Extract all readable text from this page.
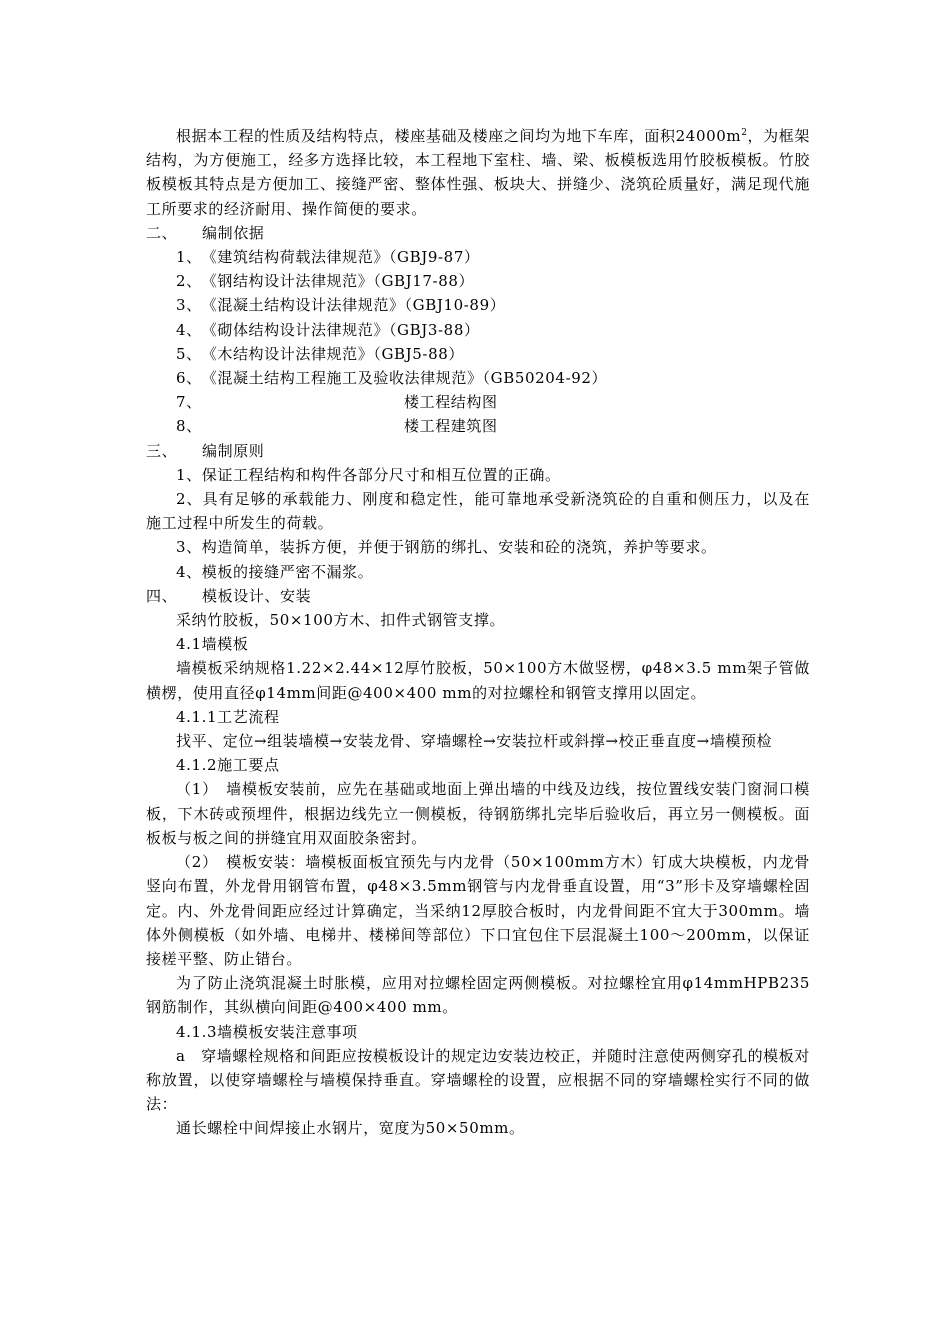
根据本工程的性质及结构特点，楼座基础及楼座之间均为地下车库，面积$24000m^2$，为框架结构，为方便施工，经多方选择比较，本工程地下室柱、墙、梁、板模板选用竹胶板模板。竹胶板模板其特点是方便加工、接缝严密、整体性强、板块大、拼缝少、浇筑砼质量好，满足现代施工所要求的经济耐用、操作简便的要求。

二、 编制依据

1、《建筑结构荷载法律规范》（GBJ9-87）

2、《钢结构设计法律规范》（GBJ17-88）

3、《混凝土结构设计法律规范》（GBJ10-89）

4、《砌体结构设计法律规范》（GBJ3-88）

5、《木结构设计法律规范》（GBJ5-88）

6、《混凝土结构工程施工及验收法律规范》（GB50204-92）

7、	楼工程结构图

8、	楼工程建筑图

三、 编制原则

1、保证工程结构和构件各部分尺寸和相互位置的正确。

2、具有足够的承载能力、刚度和稳定性，能可靠地承受新浇筑砼的自重和侧压力，以及在施工过程中所发生的荷载。

3、构造简单，装拆方便，并便于钢筋的绑扎、安装和砼的浇筑，养护等要求。

4、模板的接缝严密不漏浆。

四、 模板设计、安装

采纳竹胶板，50×100方木、扣件式钢管支撑。

4.1墙模板

墙模板采纳规格1.22×2.44×12厚竹胶板，50×100方木做竖楞，φ48×3.5 mm架子管做横楞，使用直径φ14mm间距@400×400 mm的对拉螺栓和钢管支撑用以固定。

4.1.1工艺流程

找平、定位→组装墙模→安装龙骨、穿墙螺栓→安装拉杆或斜撑→校正垂直度→墙模预检

4.1.2施工要点

（1）　墙模板安装前，应先在基础或地面上弹出墙的中线及边线，按位置线安装门窗洞口模板，下木砖或预埋件，根据边线先立一侧模板，待钢筋绑扎完毕后验收后，再立另一侧模板。面板板与板之间的拼缝宜用双面胶条密封。

（2）　模板安装：墙模板面板宜预先与内龙骨（50×100mm方木）钉成大块模板，内龙骨竖向布置，外龙骨用钢管布置，φ48×3.5mm钢管与内龙骨垂直设置，用“3”形卡及穿墙螺栓固定。内、外龙骨间距应经过计算确定，当采纳12厚胶合板时，内龙骨间距不宜大于300mm。墙体外侧模板（如外墙、电梯井、楼梯间等部位）下口宜包住下层混凝土100～200mm，以保证接槎平整、防止错台。

为了防止浇筑混凝土时胀模，应用对拉螺栓固定两侧模板。对拉螺栓宜用φ14mmHPB235钢筋制作，其纵横向间距@400×400 mm。

4.1.3墙模板安装注意事项

a　穿墙螺栓规格和间距应按模板设计的规定边安装边校正，并随时注意使两侧穿孔的模板对称放置，以使穿墙螺栓与墙模保持垂直。穿墙螺栓的设置，应根据不同的穿墙螺栓实行不同的做法：

通长螺栓中间焊接止水钢片，宽度为50×50mm。
